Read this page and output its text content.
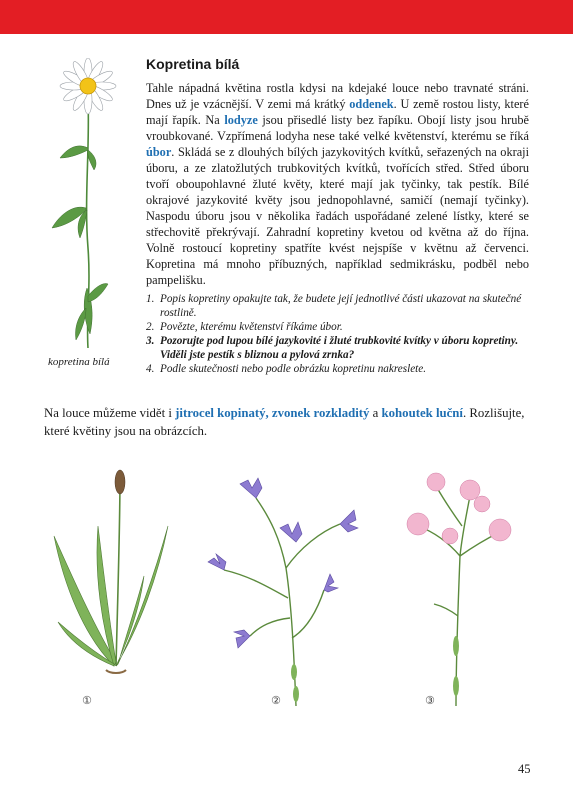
kopretina bílá
Kopretina bílá

Tahle nápadná květina rostla kdysi na kdejaké louce nebo travnaté stráni. Dnes už je vzácnější. V zemi má krátký oddenek. U země rostou listy, které mají řapík. Na lodyze jsou přisedlé listy bez řapíku. Obojí listy jsou hrubě vroubkované. Vzpřímená lodyha nese také velké květenství, kterému se říká úbor. Skládá se z dlouhých bílých jazykovitých kvítků, seřazených na okraji úboru, a ze zlatožlutých trubkovitých kvítků, tvořících střed. Střed úboru tvoří oboupohlavné žluté květy, které mají jak tyčinky, tak pestík. Bílé okrajové jazykovité květy jsou jednopohlavné, samičí (nemají tyčinky). Naspodu úboru jsou v několika řadách uspořádané zelené lístky, které se střechovitě překrývají. Zahradní kopretiny kvetou od května až do října. Volně rostoucí kopretiny spatříte kvést nejspíše v květnu až červenci. Kopretina má mnoho příbuzných, například sedmikrásku, podběl nebo pampelišku.

1. Popis kopretiny opakujte tak, že budete její jednotlivé části ukazovat na skutečné rostlině.
2. Povězte, kterému květenství říkáme úbor.
3. Pozorujte pod lupou bílé jazykovité i žluté trubkovité kvítky v úboru kopretiny. Viděli jste pestík s bliznou a pylová zrnka?
4. Podle skutečnosti nebo podle obrázku kopretinu nakreslete.

Na louce můžeme vidět i jitrocel kopinatý, zvonek rozkladitý a kohoutek luční. Rozlišujte, které květiny jsou na obrázcích.

①	②	③
45
